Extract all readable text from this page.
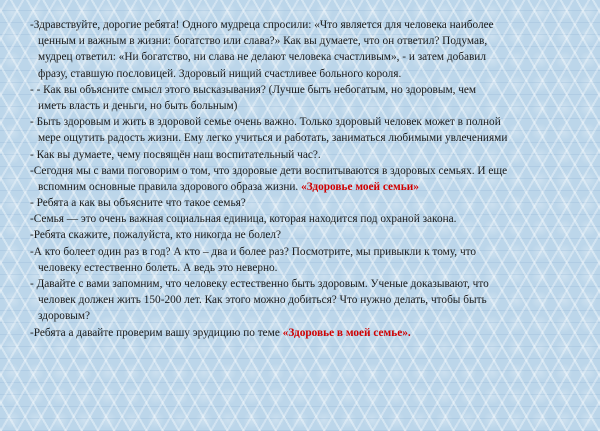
-Здравствуйте, дорогие ребята! Одного мудреца спросили: «Что является для человека наиболее
ценным и важным в жизни: богатство или слава?» Как вы думаете, что он ответил? Подумав,
мудрец ответил: «Ни богатство, ни слава не делают человека счастливым», - и затем добавил
фразу, ставшую пословицей. Здоровый нищий счастливее больного короля.
- - Как вы объясните смысл этого высказывания? (Лучше быть небогатым, но здоровым, чем
иметь власть и деньги, но быть больным)
- Быть здоровым и жить в здоровой семье очень важно. Только здоровый человек может в полной
мере ощутить радость жизни. Ему легко учиться и работать, заниматься любимыми увлечениями
- Как вы думаете, чему посвящён наш воспитательный час?.
-Сегодня мы с вами поговорим о том, что здоровые дети воспитываются в здоровых семьях. И еще
вспомним основные правила здорового образа жизни. «Здоровье моей семьи»
- Ребята а как вы объясните что такое семья?
-Семья — это очень важная социальная единица, которая находится под охраной закона.
-Ребята скажите, пожалуйста, кто никогда не болел?
-А кто болеет один раз в год? А кто – два и более раз? Посмотрите, мы привыкли к тому, что
человеку естественно болеть. А ведь это неверно.
- Давайте с вами запомним, что человеку естественно быть здоровым. Ученые доказывают, что
человек должен жить 150-200 лет. Как этого можно добиться? Что нужно делать, чтобы быть
здоровым?
-Ребята а давайте проверим вашу эрудицию по теме «Здоровье в моей семье».
